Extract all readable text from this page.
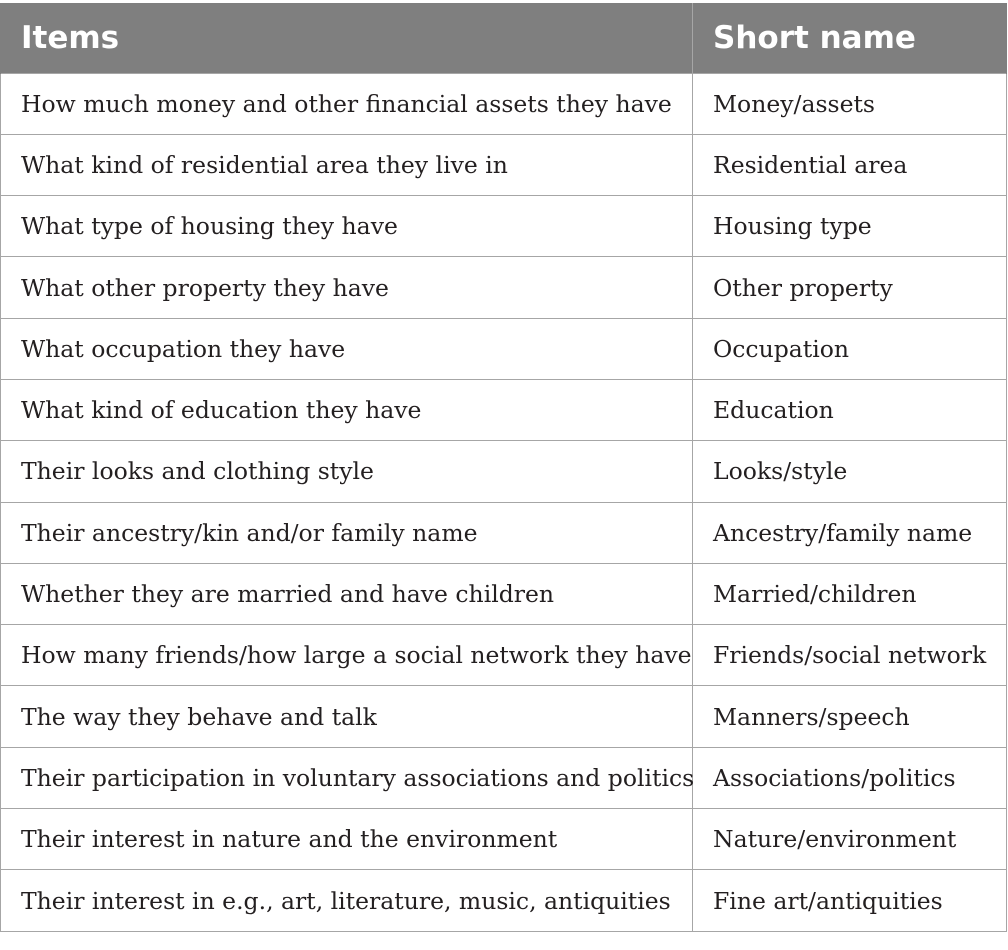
Items	Short name
How much money and other financial assets they have	Money/assets
What kind of residential area they live in	Residential area
What type of housing they have	Housing type
What other property they have	Other property
What occupation they have	Occupation
What kind of education they have	Education
Their looks and clothing style	Looks/style
Their ancestry/kin and/or family name	Ancestry/family name
Whether they are married and have children	Married/children
How many friends/how large a social network they have	Friends/social network
The way they behave and talk	Manners/speech
Their participation in voluntary associations and politics	Associations/politics
Their interest in nature and the environment	Nature/environment
Their interest in e.g., art, literature, music, antiquities	Fine art/antiquities
